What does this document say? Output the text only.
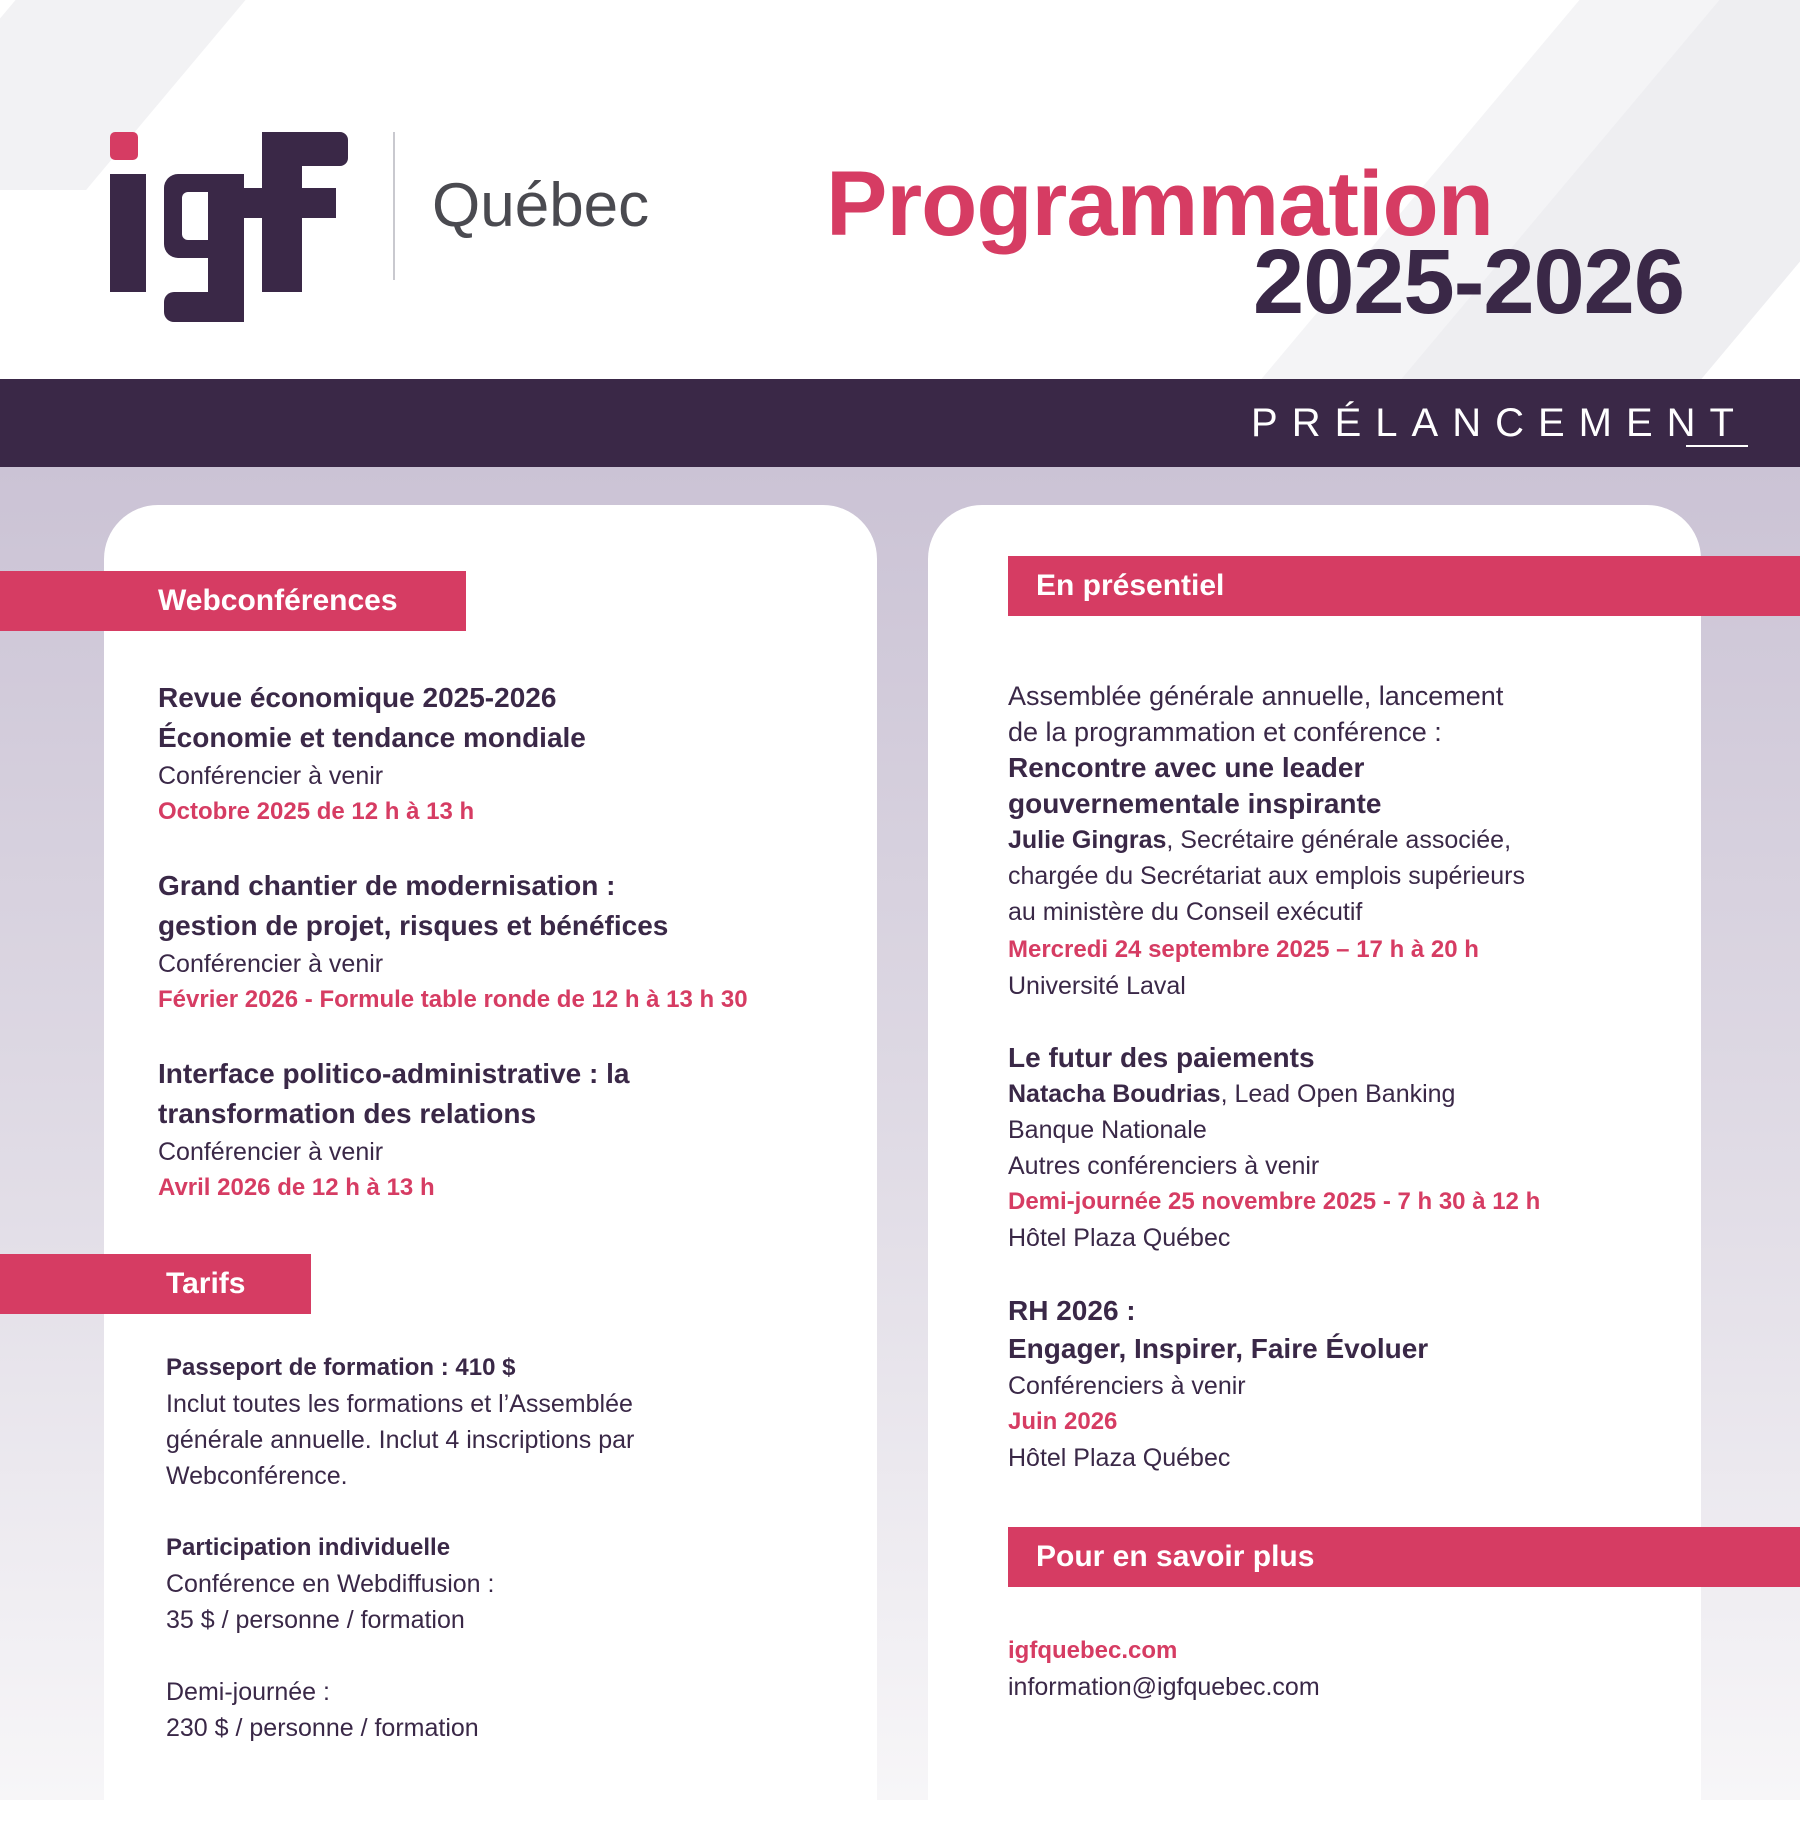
Québec Programmation
2025-2026
PRÉLANCEMENT
Webconférences
Revue économique 2025-2026
Économie et tendance mondiale
Conférencier à venir
Octobre 2025 de 12 h à 13 h
Grand chantier de modernisation :
gestion de projet, risques et bénéfices
Conférencier à venir
Février 2026 - Formule table ronde de 12 h à 13 h 30
Interface politico-administrative : la
transformation des relations
Conférencier à venir
Avril 2026 de 12 h à 13 h
Tarifs
Passeport de formation : 410 $
Inclut toutes les formations et l’Assemblée
générale annuelle. Inclut 4 inscriptions par
Webconférence.
Participation individuelle
Conférence en Webdiffusion :
35 $ / personne / formation
Demi-journée :
230 $ / personne / formation
En présentiel
Assemblée générale annuelle, lancement
de la programmation et conférence :
Rencontre avec une leader
gouvernementale inspirante
Julie Gingras, Secrétaire générale associée,
chargée du Secrétariat aux emplois supérieurs
au ministère du Conseil exécutif
Mercredi 24 septembre 2025 – 17 h à 20 h
Université Laval
Le futur des paiements
Natacha Boudrias, Lead Open Banking
Banque Nationale
Autres conférenciers à venir
Demi-journée 25 novembre 2025 - 7 h 30 à 12 h
Hôtel Plaza Québec
RH 2026 :
Engager, Inspirer, Faire Évoluer
Conférenciers à venir
Juin 2026
Hôtel Plaza Québec
Pour en savoir plus
igfquebec.com
information@igfquebec.com
